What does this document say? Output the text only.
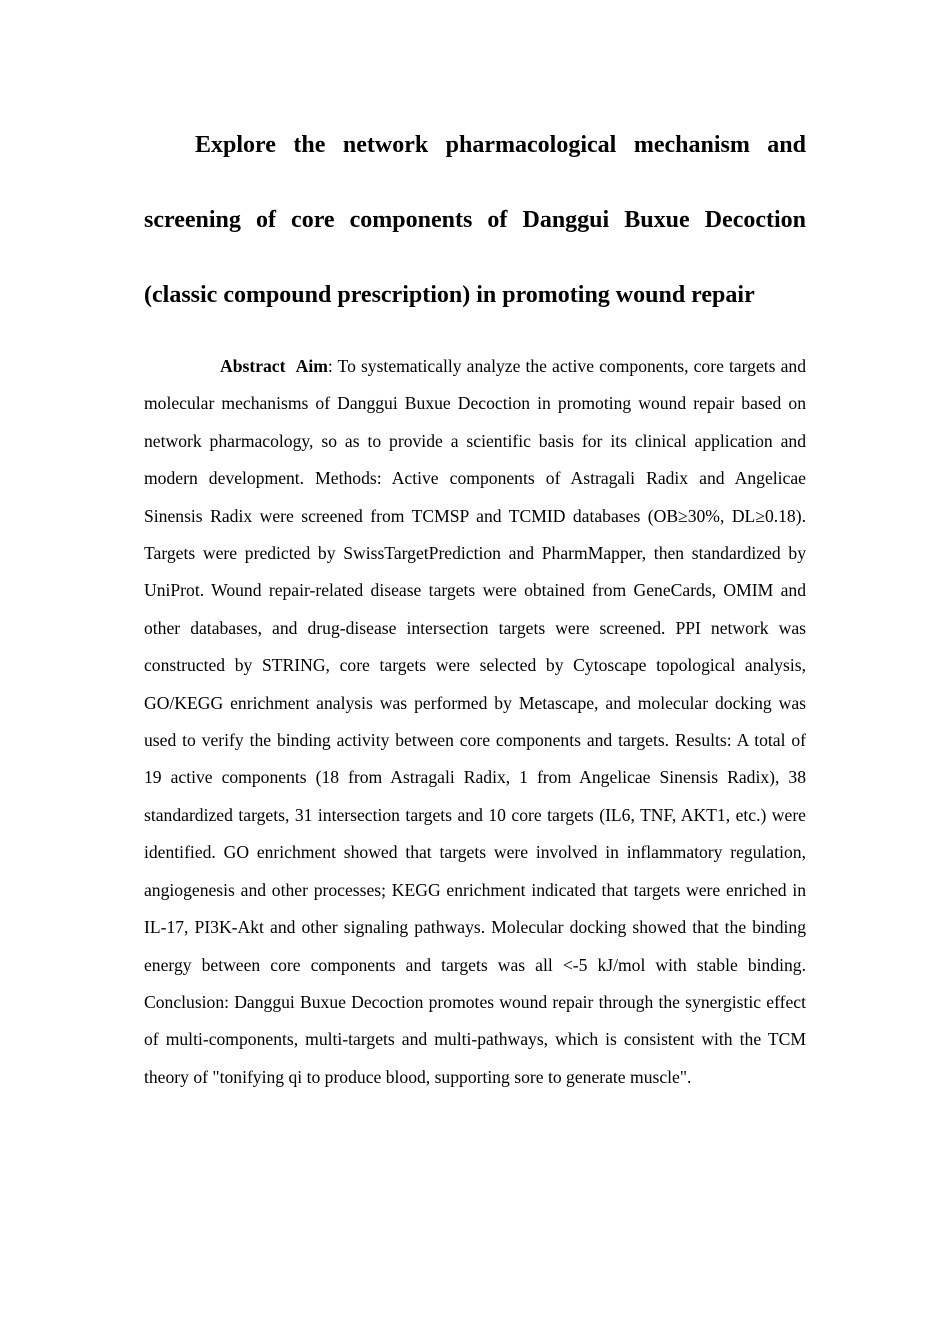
Explore the network pharmacological mechanism and screening of core components of Danggui Buxue Decoction (classic compound prescription) in promoting wound repair

Abstract Aim: To systematically analyze the active components, core targets and molecular mechanisms of Danggui Buxue Decoction in promoting wound repair based on network pharmacology, so as to provide a scientific basis for its clinical application and modern development. Methods: Active components of Astragali Radix and Angelicae Sinensis Radix were screened from TCMSP and TCMID databases (OB≥30%, DL≥0.18). Targets were predicted by SwissTargetPrediction and PharmMapper, then standardized by UniProt. Wound repair-related disease targets were obtained from GeneCards, OMIM and other databases, and drug-disease intersection targets were screened. PPI network was constructed by STRING, core targets were selected by Cytoscape topological analysis, GO/KEGG enrichment analysis was performed by Metascape, and molecular docking was used to verify the binding activity between core components and targets. Results: A total of 19 active components (18 from Astragali Radix, 1 from Angelicae Sinensis Radix), 38 standardized targets, 31 intersection targets and 10 core targets (IL6, TNF, AKT1, etc.) were identified. GO enrichment showed that targets were involved in inflammatory regulation, angiogenesis and other processes; KEGG enrichment indicated that targets were enriched in IL-17, PI3K-Akt and other signaling pathways. Molecular docking showed that the binding energy between core components and targets was all <-5 kJ/mol with stable binding. Conclusion: Danggui Buxue Decoction promotes wound repair through the synergistic effect of multi-components, multi-targets and multi-pathways, which is consistent with the TCM theory of "tonifying qi to produce blood, supporting sore to generate muscle".
